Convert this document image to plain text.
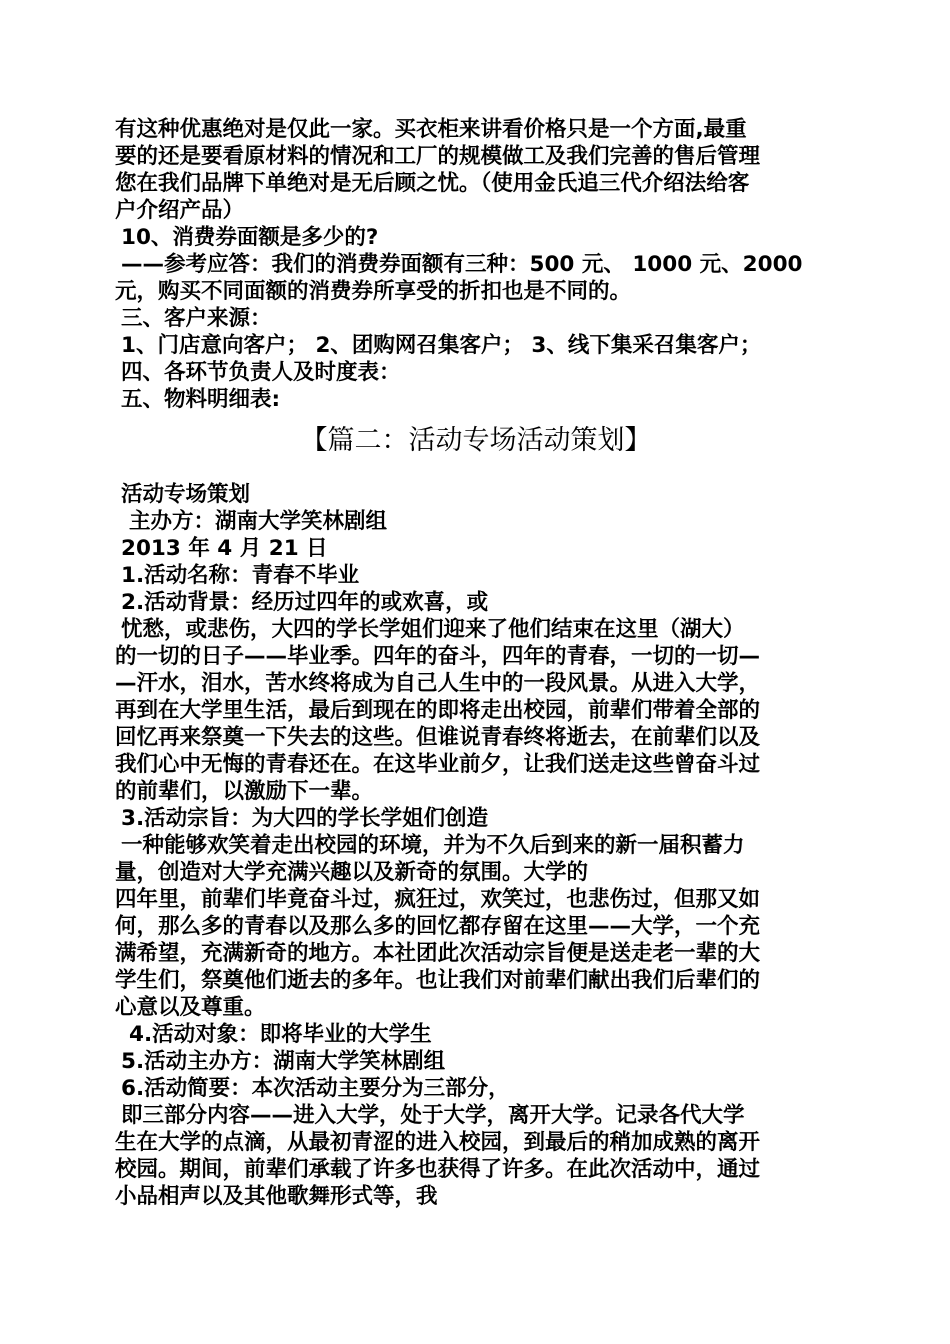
有这种优惠绝对是仅此一家。买衣柜来讲看价格只是一个方面,最重
要的还是要看原材料的情况和工厂的规模做工及我们完善的售后管理
您在我们品牌下单绝对是无后顾之忧。（使用金氏追三代介绍法给客
户介绍产品）
10、消费券面额是多少的?
——参考应答：我们的消费券面额有三种：500 元、 1000 元、2000
元，购买不同面额的消费券所享受的折扣也是不同的。
三、客户来源：
1、门店意向客户； 2、团购网召集客户； 3、线下集采召集客户；
四、各环节负责人及时度表：
五、物料明细表:
【篇二：活动专场活动策划】
活动专场策划
主办方：湖南大学笑林剧组
2013 年 4 月 21 日
1.活动名称：青春不毕业
2.活动背景：经历过四年的或欢喜，或
忧愁，或悲伤，大四的学长学姐们迎来了他们结束在这里（湖大）
的一切的日子——毕业季。四年的奋斗，四年的青春，一切的一切—
—汗水，泪水，苦水终将成为自己人生中的一段风景。从进入大学，
再到在大学里生活，最后到现在的即将走出校园，前辈们带着全部的
回忆再来祭奠一下失去的这些。但谁说青春终将逝去，在前辈们以及
我们心中无悔的青春还在。在这毕业前夕，让我们送走这些曾奋斗过
的前辈们，以激励下一辈。
3.活动宗旨：为大四的学长学姐们创造
一种能够欢笑着走出校园的环境，并为不久后到来的新一届积蓄力
量，创造对大学充满兴趣以及新奇的氛围。大学的
四年里，前辈们毕竟奋斗过，疯狂过，欢笑过，也悲伤过，但那又如
何，那么多的青春以及那么多的回忆都存留在这里——大学，一个充
满希望，充满新奇的地方。本社团此次活动宗旨便是送走老一辈的大
学生们，祭奠他们逝去的多年。也让我们对前辈们献出我们后辈们的
心意以及尊重。
4.活动对象：即将毕业的大学生
5.活动主办方：湖南大学笑林剧组
6.活动简要：本次活动主要分为三部分，
即三部分内容——进入大学，处于大学，离开大学。记录各代大学
生在大学的点滴，从最初青涩的进入校园，到最后的稍加成熟的离开
校园。期间，前辈们承载了许多也获得了许多。在此次活动中，通过
小品相声以及其他歌舞形式等，我
